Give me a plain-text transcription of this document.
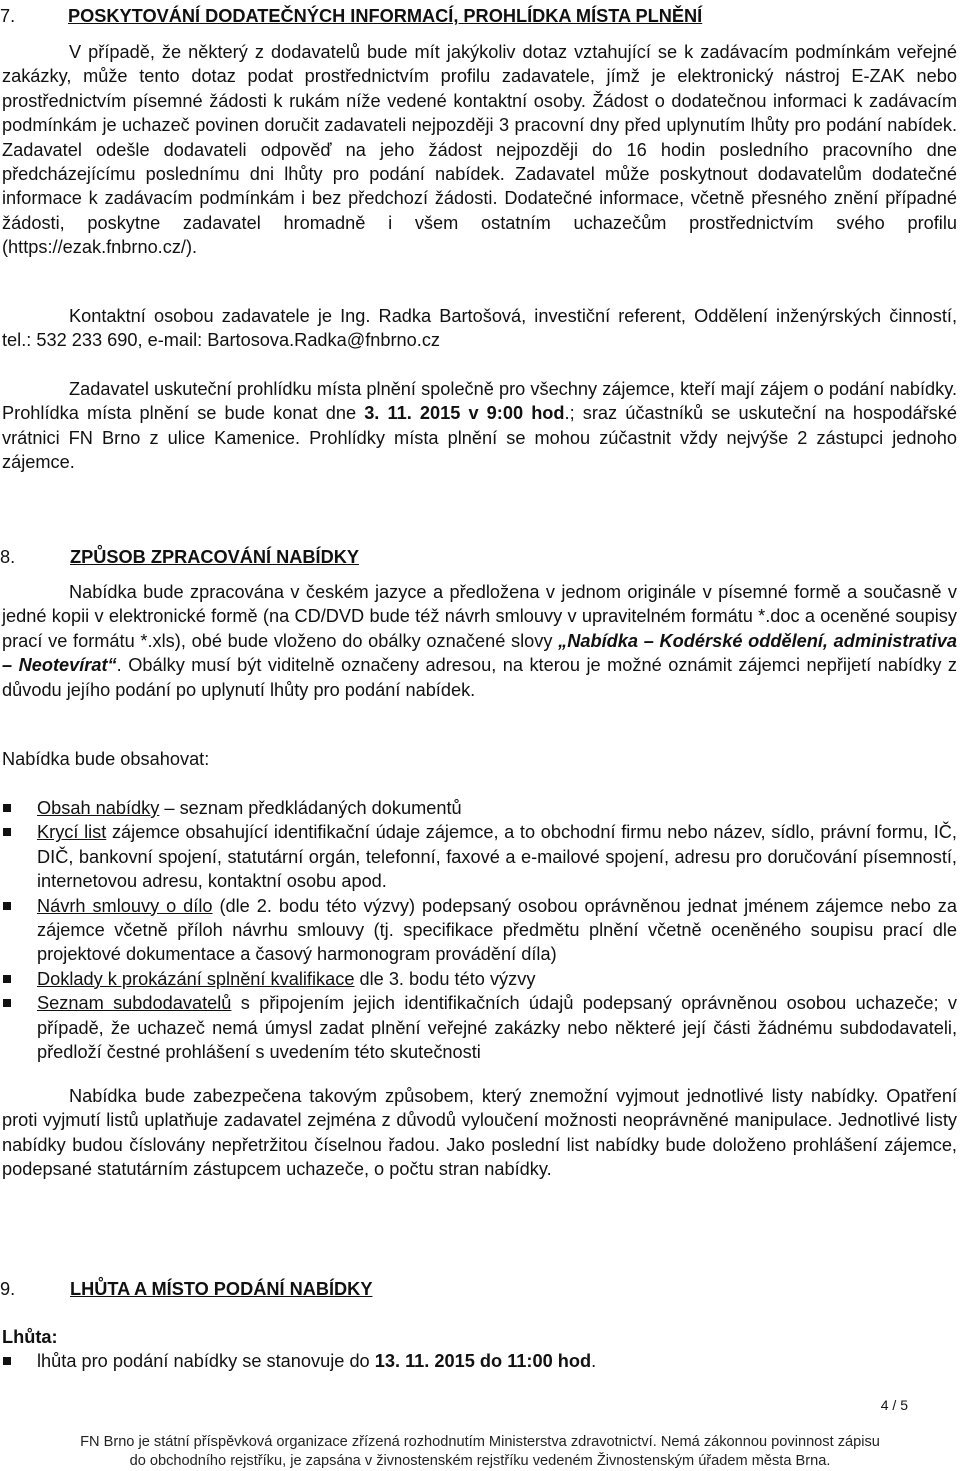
7.	POSKYTOVÁNÍ DODATEČNÝCH INFORMACÍ, PROHLÍDKA MÍSTA PLNĚNÍ
V případě, že některý z dodavatelů bude mít jakýkoliv dotaz vztahující se k zadávacím podmínkám veřejné zakázky, může tento dotaz podat prostřednictvím profilu zadavatele, jímž je elektronický nástroj E-ZAK nebo prostřednictvím písemné žádosti k rukám níže vedené kontaktní osoby. Žádost o dodatečnou informaci k zadávacím podmínkám je uchazeč povinen doručit zadavateli nejpozději 3 pracovní dny před uplynutím lhůty pro podání nabídek. Zadavatel odešle dodavateli odpověď na jeho žádost nejpozději do 16 hodin posledního pracovního dne předcházejícímu poslednímu dni lhůty pro podání nabídek. Zadavatel může poskytnout dodavatelům dodatečné informace k zadávacím podmínkám i bez předchozí žádosti. Dodatečné informace, včetně přesného znění případné žádosti, poskytne zadavatel hromadně i všem ostatním uchazečům prostřednictvím svého profilu (https://ezak.fnbrno.cz/).
Kontaktní osobou zadavatele je Ing. Radka Bartošová, investiční referent, Oddělení inženýrských činností, tel.: 532 233 690, e-mail: Bartosova.Radka@fnbrno.cz
Zadavatel uskuteční prohlídku místa plnění společně pro všechny zájemce, kteří mají zájem o podání nabídky. Prohlídka místa plnění se bude konat dne 3. 11. 2015 v 9:00 hod.; sraz účastníků se uskuteční na hospodářské vrátnici FN Brno z ulice Kamenice. Prohlídky místa plnění se mohou zúčastnit vždy nejvýše 2 zástupci jednoho zájemce.
8.	ZPŮSOB ZPRACOVÁNÍ NABÍDKY
Nabídka bude zpracována v českém jazyce a předložena v jednom originále v písemné formě a současně v jedné kopii v elektronické formě (na CD/DVD bude též návrh smlouvy v upravitelném formátu *.doc a oceněné soupisy prací ve formátu *.xls), obé bude vloženo do obálky označené slovy „Nabídka – Kodérské oddělení, administrativa – Neotevírat“. Obálky musí být viditelně označeny adresou, na kterou je možné oznámit zájemci nepřijetí nabídky z důvodu jejího podání po uplynutí lhůty pro podání nabídek.
Nabídka bude obsahovat:
Obsah nabídky – seznam předkládaných dokumentů
Krycí list zájemce obsahující identifikační údaje zájemce, a to obchodní firmu nebo název, sídlo, právní formu, IČ, DIČ, bankovní spojení, statutární orgán, telefonní, faxové a e-mailové spojení, adresu pro doručování písemností, internetovou adresu, kontaktní osobu apod.
Návrh smlouvy o dílo (dle 2. bodu této výzvy) podepsaný osobou oprávněnou jednat jménem zájemce nebo za zájemce včetně příloh návrhu smlouvy (tj. specifikace předmětu plnění včetně oceněného soupisu prací dle projektové dokumentace a časový harmonogram provádění díla)
Doklady k prokázání splnění kvalifikace dle 3. bodu této výzvy
Seznam subdodavatelů s připojením jejich identifikačních údajů podepsaný oprávněnou osobou uchazeče; v případě, že uchazeč nemá úmysl zadat plnění veřejné zakázky nebo některé její části žádnému subdodavateli, předloží čestné prohlášení s uvedením této skutečnosti
Nabídka bude zabezpečena takovým způsobem, který znemožní vyjmout jednotlivé listy nabídky. Opatření proti vyjmutí listů uplatňuje zadavatel zejména z důvodů vyloučení možnosti neoprávněné manipulace. Jednotlivé listy nabídky budou číslovány nepřetržitou číselnou řadou. Jako poslední list nabídky bude doloženo prohlášení zájemce, podepsané statutárním zástupcem uchazeče, o počtu stran nabídky.
9.	LHŮTA A MÍSTO PODÁNÍ NABÍDKY
Lhůta:
lhůta pro podání nabídky se stanovuje do 13. 11. 2015 do 11:00 hod.
4 / 5
FN Brno je státní příspěvková organizace zřízená rozhodnutím Ministerstva zdravotnictví. Nemá zákonnou povinnost zápisu
do obchodního rejstříku, je zapsána v živnostenském rejstříku vedeném Živnostenským úřadem města Brna.
